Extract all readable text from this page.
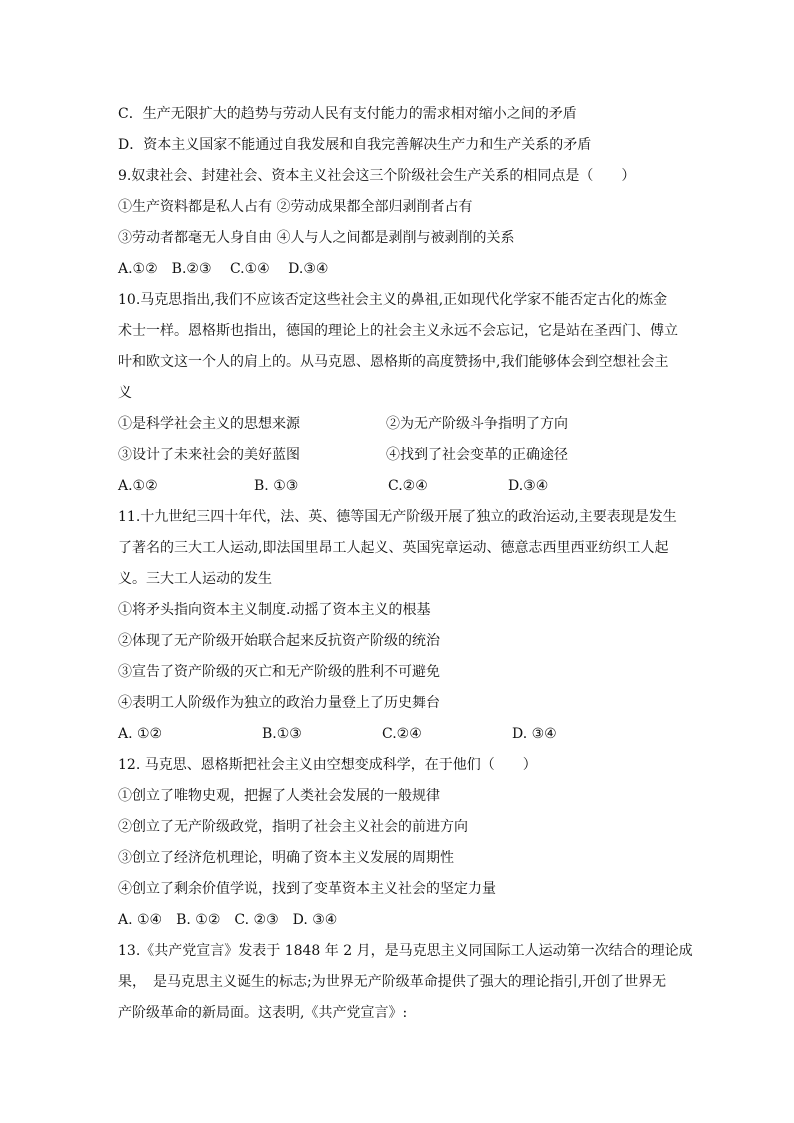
C．生产无限扩大的趋势与劳动人民有支付能力的需求相对缩小之间的矛盾
D．资本主义国家不能通过自我发展和自我完善解决生产力和生产关系的矛盾
9.奴隶社会、封建社会、资本主义社会这三个阶级社会生产关系的相同点是（　　）
①生产资料都是私人占有 ②劳动成果都全部归剥削者占有
③劳动者都毫无人身自由 ④人与人之间都是剥削与被剥削的关系
A.①②　B.②③　 C.①④　 D.③④
10.马克思指出,我们不应该否定这些社会主义的鼻祖,正如现代化学家不能否定古化的炼金
术士一样。恩格斯也指出，德国的理论上的社会主义永远不会忘记，它是站在圣西门、傅立
叶和欧文这一个人的肩上的。从马克恩、恩格斯的高度赞扬中,我们能够体会到空想社会主
义
①是科学社会主义的思想来源	②为无产阶级斗争指明了方向
③设计了未来社会的美好蓝图	④找到了社会变革的正确途径
A.①②	B. ①③	C.②④	D.③④
11.十九世纪三四十年代，法、英、德等国无产阶级开展了独立的政治运动,主要表现是发生
了著名的三大工人运动,即法国里昂工人起义、英国宪章运动、德意志西里西亚纺织工人起
义。三大工人运动的发生
①将矛头指向资本主义制度.动摇了资本主义的根基
②体现了无产阶级开始联合起来反抗资产阶级的统治
③宣告了资产阶级的灭亡和无产阶级的胜利不可避免
④表明工人阶级作为独立的政治力量登上了历史舞台
A. ①②	B.①③	C.②④	D. ③④
12. 马克思、恩格斯把社会主义由空想变成科学，在于他们（　　）
①创立了唯物史观，把握了人类社会发展的一般规律
②创立了无产阶级政党，指明了社会主义社会的前进方向
③创立了经济危机理论，明确了资本主义发展的周期性
④创立了剩余价值学说，找到了变革资本主义社会的坚定力量
A. ①④　B. ①②　C. ②③　D. ③④
13.《共产党宣言》发表于 1848 年 2 月，是马克思主义同国际工人运动第一次结合的理论成
果，　是马克思主义诞生的标志;为世界无产阶级革命提供了强大的理论指引,开创了世界无
产阶级革命的新局面。这表明,《共产党宣言》:
